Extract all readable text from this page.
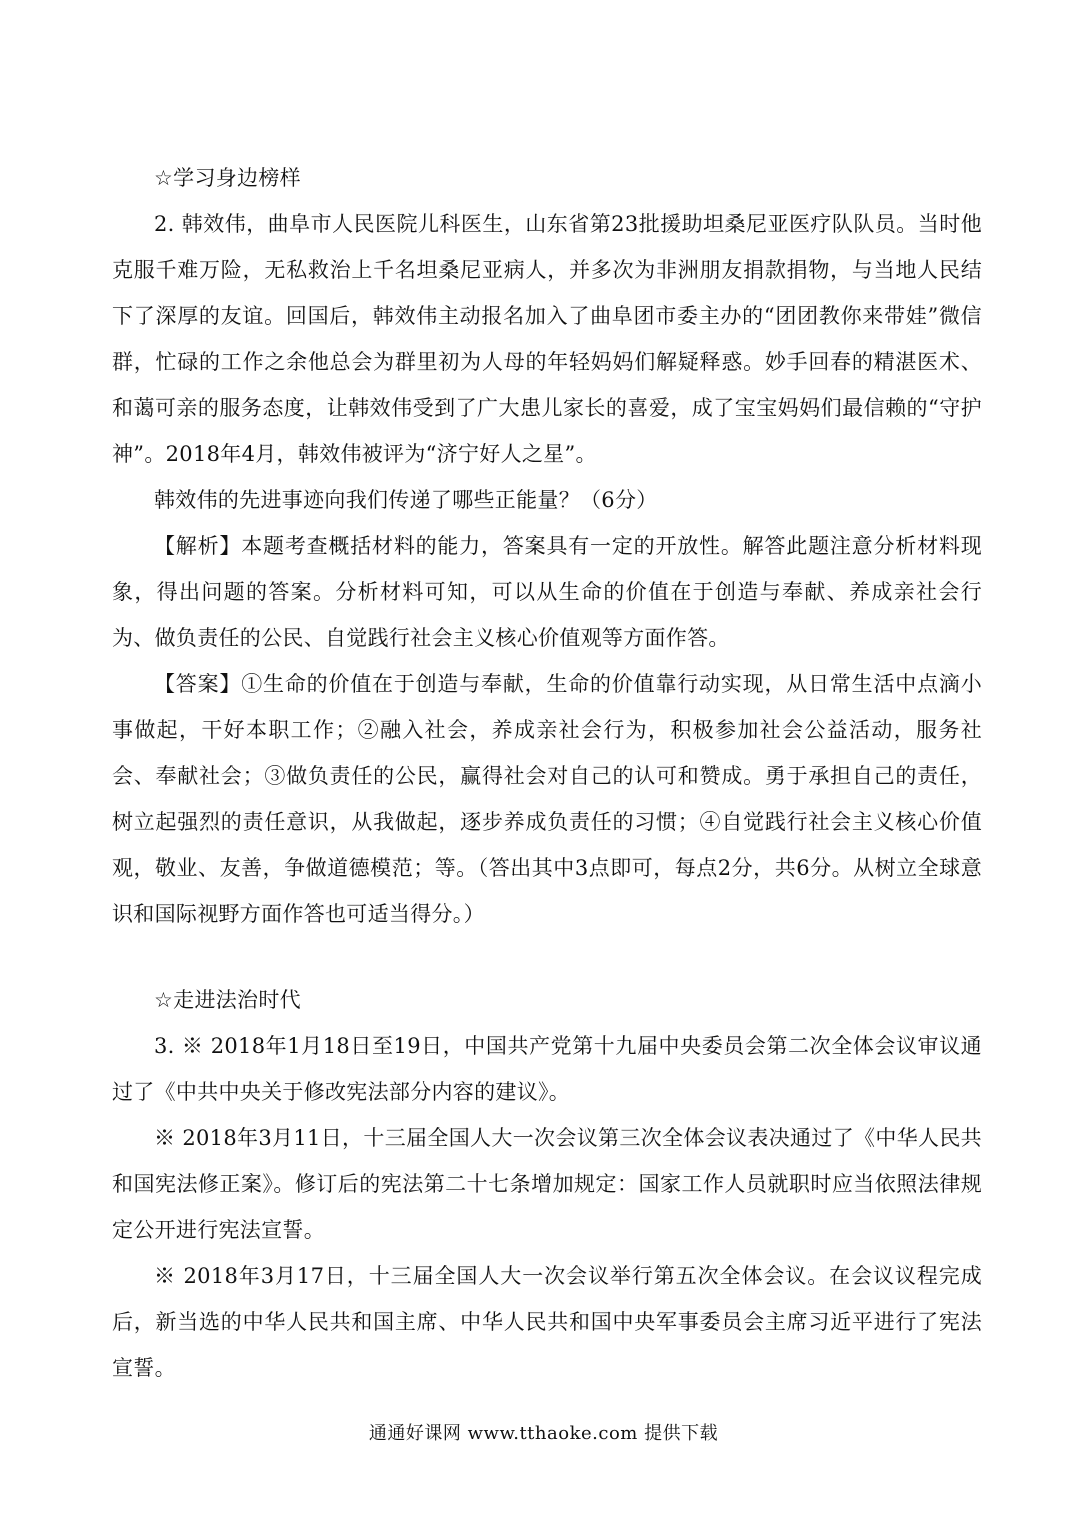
☆学习身边榜样

2. 韩效伟，曲阜市人民医院儿科医生，山东省第23批援助坦桑尼亚医疗队队员。当时他克服千难万险，无私救治上千名坦桑尼亚病人，并多次为非洲朋友捐款捐物，与当地人民结下了深厚的友谊。回国后，韩效伟主动报名加入了曲阜团市委主办的“团团教你来带娃”微信群，忙碌的工作之余他总会为群里初为人母的年轻妈妈们解疑释惑。妙手回春的精湛医术、和蔼可亲的服务态度，让韩效伟受到了广大患儿家长的喜爱，成了宝宝妈妈们最信赖的“守护神”。2018年4月，韩效伟被评为“济宁好人之星”。

韩效伟的先进事迹向我们传递了哪些正能量？（6分）

【解析】本题考查概括材料的能力，答案具有一定的开放性。解答此题注意分析材料现象，得出问题的答案。分析材料可知，可以从生命的价值在于创造与奉献、养成亲社会行为、做负责任的公民、自觉践行社会主义核心价值观等方面作答。

【答案】①生命的价值在于创造与奉献，生命的价值靠行动实现，从日常生活中点滴小事做起，干好本职工作；②融入社会，养成亲社会行为，积极参加社会公益活动，服务社会、奉献社会；③做负责任的公民，赢得社会对自己的认可和赞成。勇于承担自己的责任，树立起强烈的责任意识，从我做起，逐步养成负责任的习惯；④自觉践行社会主义核心价值观，敬业、友善，争做道德模范；等。（答出其中3点即可，每点2分，共6分。从树立全球意识和国际视野方面作答也可适当得分。）

☆走进法治时代

3. ※ 2018年1月18日至19日，中国共产党第十九届中央委员会第二次全体会议审议通过了《中共中央关于修改宪法部分内容的建议》。

※ 2018年3月11日，十三届全国人大一次会议第三次全体会议表决通过了《中华人民共和国宪法修正案》。修订后的宪法第二十七条增加规定：国家工作人员就职时应当依照法律规定公开进行宪法宣誓。

※ 2018年3月17日，十三届全国人大一次会议举行第五次全体会议。在会议议程完成后，新当选的中华人民共和国主席、中华人民共和国中央军事委员会主席习近平进行了宪法宣誓。

通通好课网 www.tthaoke.com 提供下载
